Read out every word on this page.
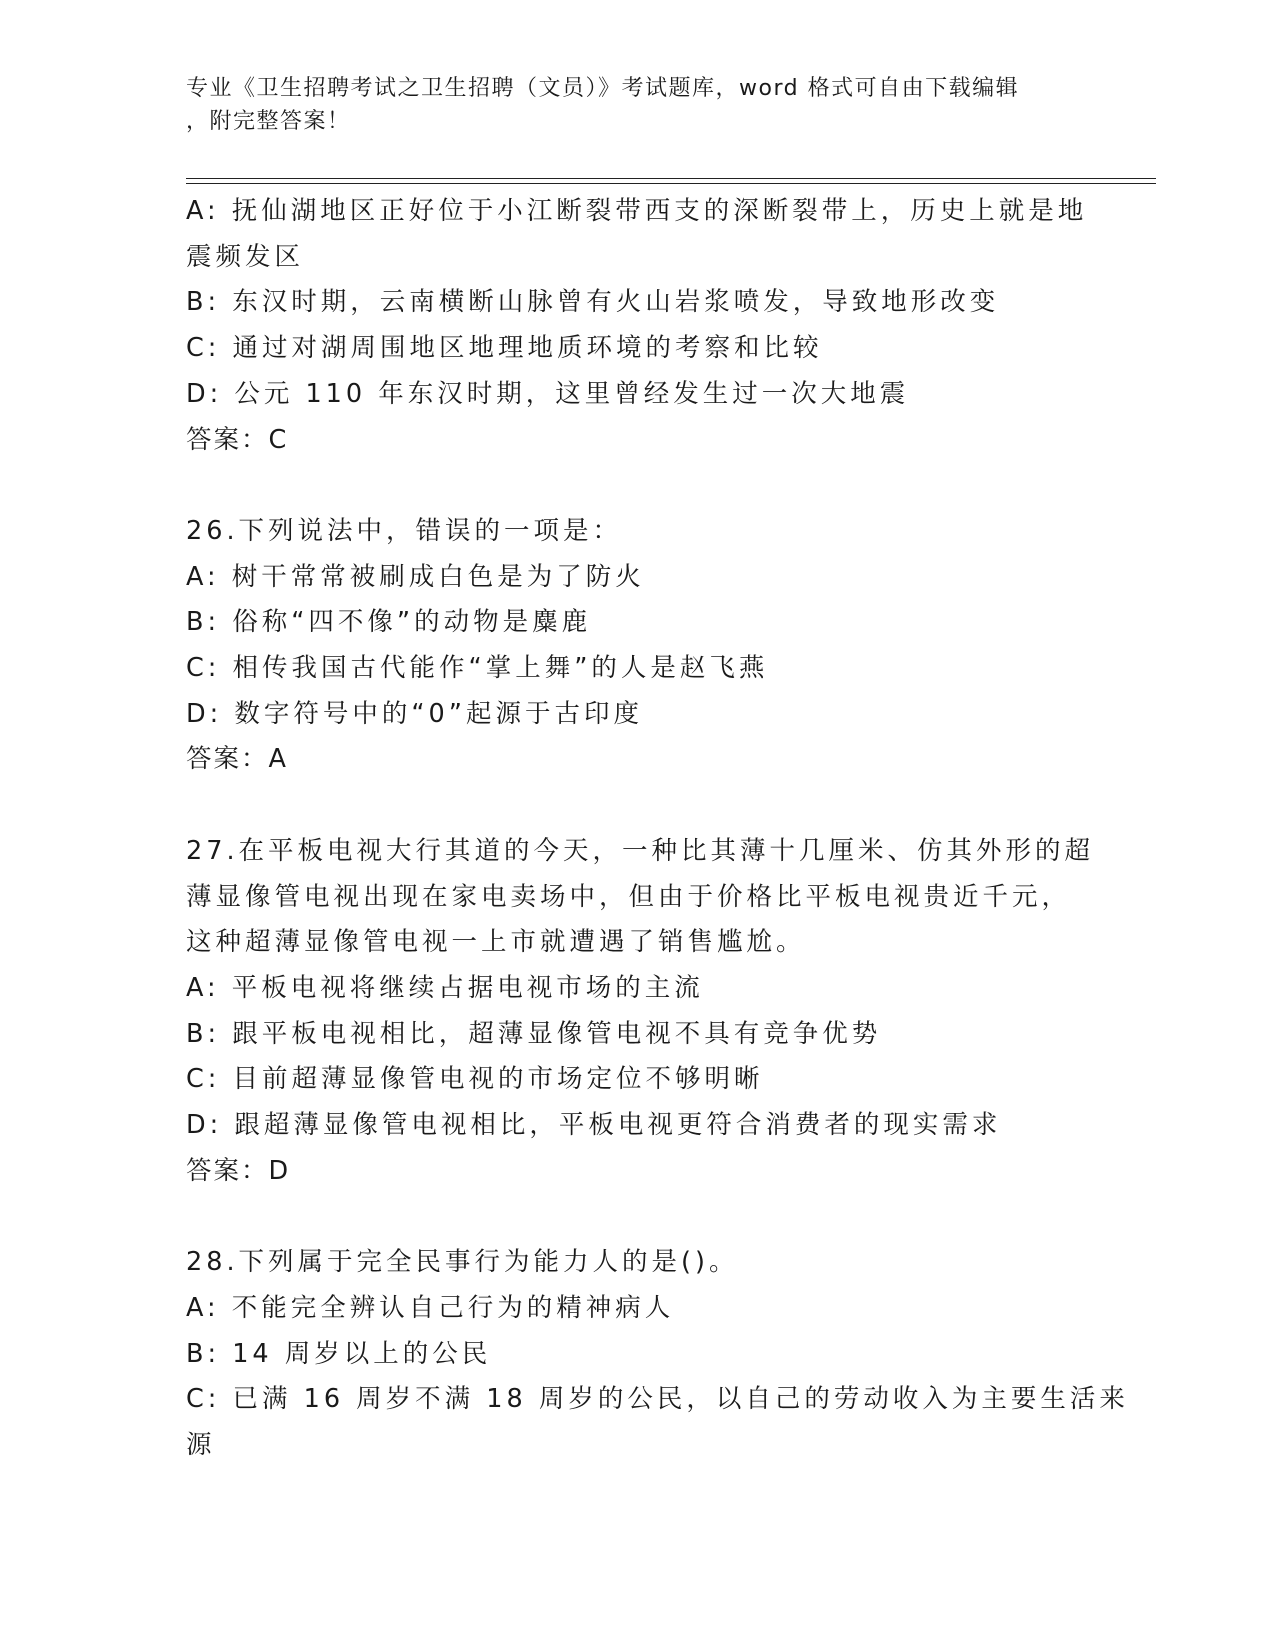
专业《卫生招聘考试之卫生招聘（文员）》考试题库，word 格式可自由下载编辑
，附完整答案！
A: 抚仙湖地区正好位于小江断裂带西支的深断裂带上，历史上就是地
震频发区
B: 东汉时期，云南横断山脉曾有火山岩浆喷发，导致地形改变
C: 通过对湖周围地区地理地质环境的考察和比较
D: 公元 110 年东汉时期，这里曾经发生过一次大地震
答案：C
26.下列说法中，错误的一项是：
A: 树干常常被刷成白色是为了防火
B: 俗称“四不像”的动物是麋鹿
C: 相传我国古代能作“掌上舞”的人是赵飞燕
D: 数字符号中的“0”起源于古印度
答案：A
27.在平板电视大行其道的今天，一种比其薄十几厘米、仿其外形的超
薄显像管电视出现在家电卖场中，但由于价格比平板电视贵近千元，
这种超薄显像管电视一上市就遭遇了销售尴尬。
A: 平板电视将继续占据电视市场的主流
B: 跟平板电视相比，超薄显像管电视不具有竞争优势
C: 目前超薄显像管电视的市场定位不够明晰
D: 跟超薄显像管电视相比，平板电视更符合消费者的现实需求
答案：D
28.下列属于完全民事行为能力人的是()。
A: 不能完全辨认自己行为的精神病人
B: 14 周岁以上的公民
C: 已满 16 周岁不满 18 周岁的公民，以自己的劳动收入为主要生活来
源
